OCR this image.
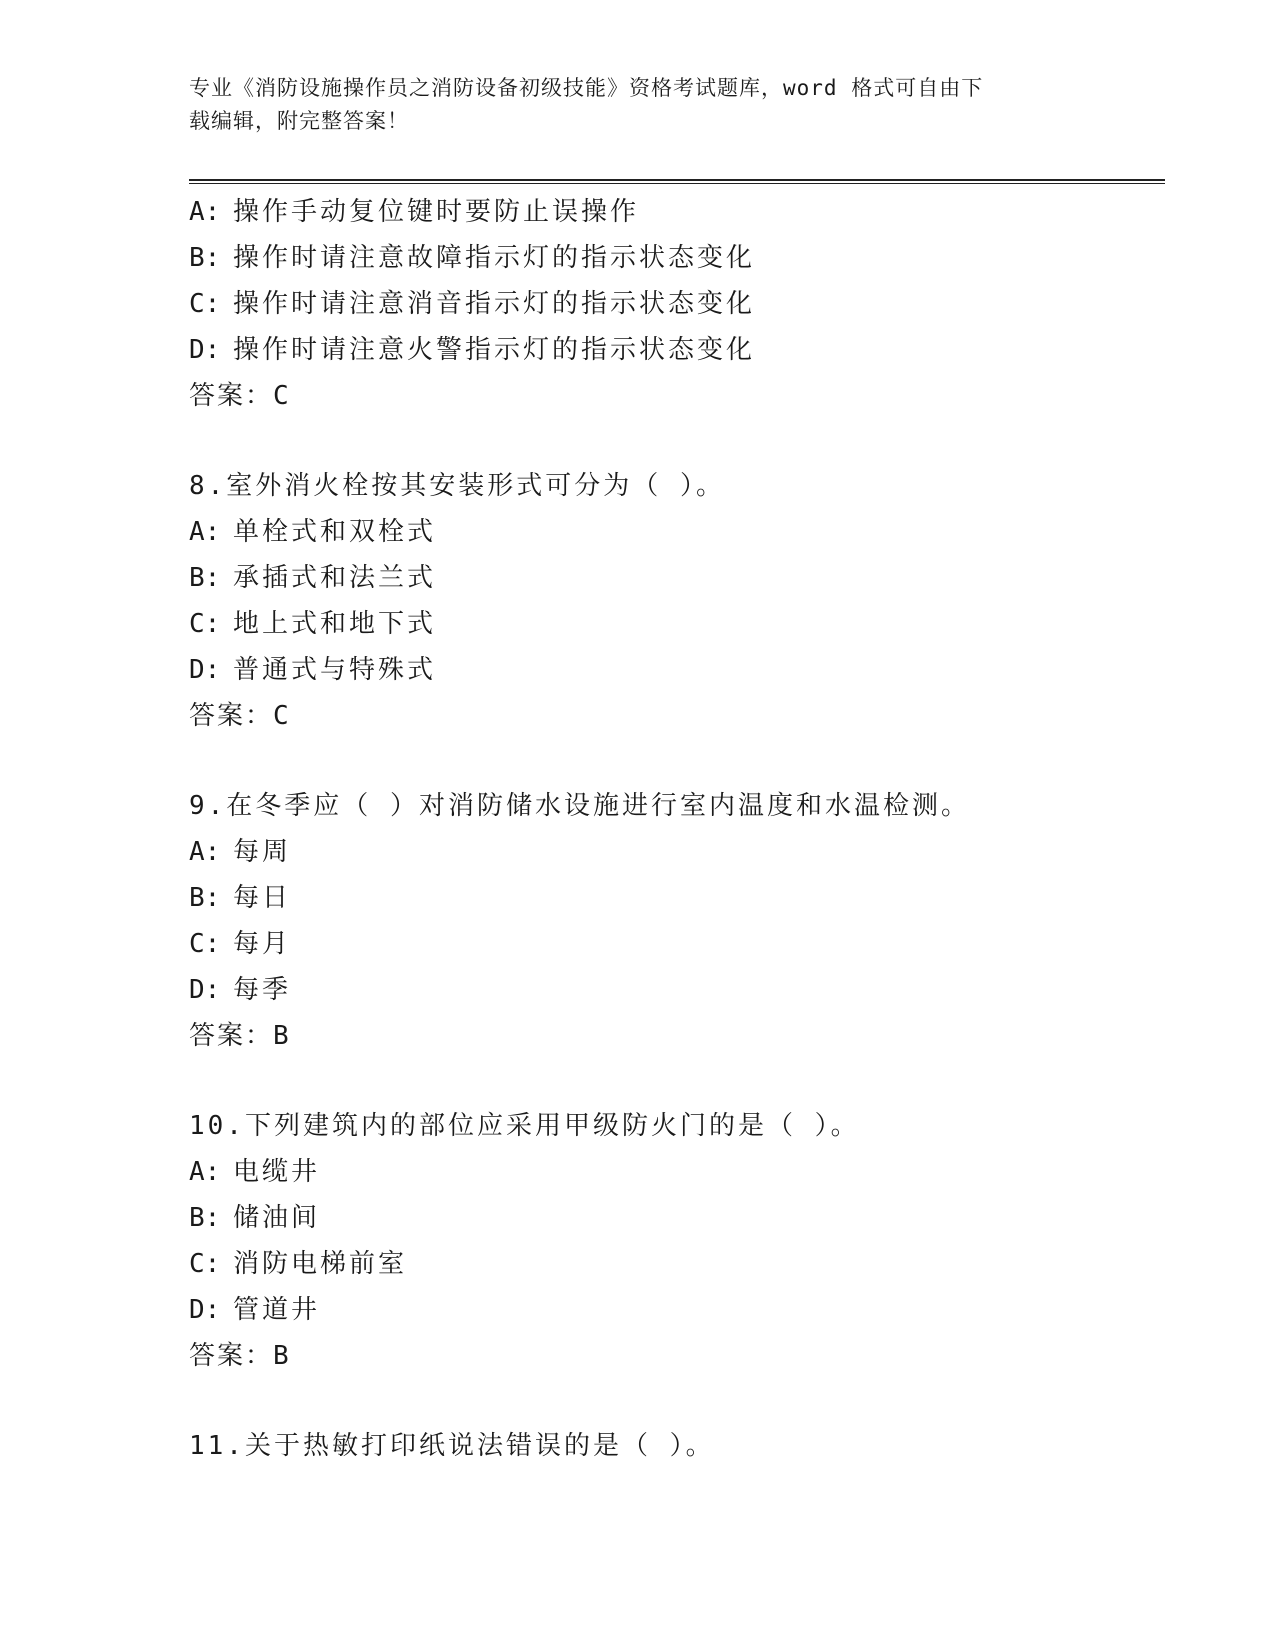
专业《消防设施操作员之消防设备初级技能》资格考试题库，word 格式可自由下
载编辑，附完整答案！
A: 操作手动复位键时要防止误操作
B: 操作时请注意故障指示灯的指示状态变化
C: 操作时请注意消音指示灯的指示状态变化
D: 操作时请注意火警指示灯的指示状态变化
答案：C
8.室外消火栓按其安装形式可分为（ ）。
A: 单栓式和双栓式
B: 承插式和法兰式
C: 地上式和地下式
D: 普通式与特殊式
答案：C
9.在冬季应（ ）对消防储水设施进行室内温度和水温检测。
A: 每周
B: 每日
C: 每月
D: 每季
答案：B
10.下列建筑内的部位应采用甲级防火门的是（ ）。
A: 电缆井
B: 储油间
C: 消防电梯前室
D: 管道井
答案：B
11.关于热敏打印纸说法错误的是（ ）。
